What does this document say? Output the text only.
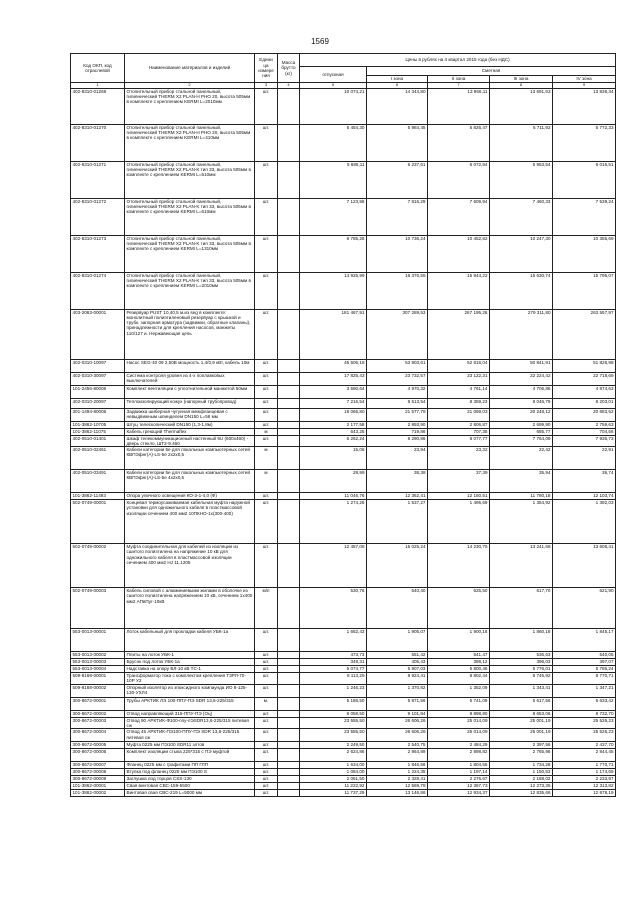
1569
Код ОКП, код отраслевой	Наименование материалов и изделий	Едини ца измере ния	Масса брутто (кг)	Цены в рублях на 4 квартал 2015 года (без НДС)				
				отпускная	Сметная			
					I зона	II зона	III зона	IV зона
1	2	3	4	5	6	7	8	9
402-8310-01269	Отопительный прибор стальной панельный, гигиенический THERM X2 PLAN-H PHO 20, высота 505мм в комплекте с креплением KERMI L=2010мм	шт.		10 074,21	14 344,80	13 966,11	13 691,53	13 836,34
402-8310-01270	Отопительный прибор стальной панельный, гигиенический THERM X2 PLAN-H PHO 20, высота 505мм в комплекте с креплением KERMI L=410мм	шт.		5 454,30	5 984,45	5 826,47	5 711,92	5 772,33
402-8310-01271	Отопительный прибор стальной панельный, гигиенический THERM X2 PLAN-K тип 33, высота 505мм в комплекте с креплением KERMI L=510мм	шт.		5 685,11	6 237,61	6 072,94	5 953,54	6 016,51
402-8310-01272	Отопительный прибор стальной панельный, гигиенический THERM X2 PLAN-K тип 33, высота 505мм в комплекте с креплением KERMI L=610мм	шт.		7 123,96	7 816,29	7 609,94	7 460,33	7 539,24
402-8310-01273	Отопительный прибор стальной панельный, гигиенический THERM X2 PLAN-K тип 33, высота 505мм в комплекте с креплением KERMI L=1310мм	шт.		9 785,28	10 736,24	10 452,82	10 247,30	10 355,69
402-8310-01274	Отопительный прибор стальной панельный, гигиенический THERM X2 PLAN-K тип 33, высота 505мм в комплекте с креплением KERMI L=2010мм	шт.		14 925,99	16 376,55	15 944,22	15 630,74	15 796,07
403-2063-00001	Резервуар PUST 10,40,5 м.из seg в комплекте: монолитный полиэтиленовый резервуар с крышкой и трубк. запорная арматура (задвижки, обратные клапаны), принадлежности для крепления насосов, манжеты 110/127 и. Нержавеющая цепь	шт.		181 467,91	307 289,53	267 195,26	279 311,80	263 557,97
402-0310-10097	Насос SEG-40 09 2,50В мощность 1,4/0,9 кВт, кабель 10м	шт.		45 506,18	53 803,61	52 816,04	50 841,91	51 826,98
402-0310-30097	Система контроля уровня из 4-х поплавковых выключателей	шт.		17 825,43	23 732,57	23 122,31	22 224,42	22 718,69
101-2456-80006	Комплект вентиляции с уплотнительной манжетой 50мм	шт.		3 590,64	4 970,32	4 761,14	4 706,86	4 874,63
402-0310-20097	Теплоизолирующий кожух (напорный трубопровод)	шт.		7 216,54	8 513,54	8 359,23	8 046,79	8 203,01
301-1494-80006	Задвижка шиберная чугунная межфланцевая с невыдвижным шпинделем DN150 L=56 мм	шт.		18 065,80	21 577,78	21 069,03	20 248,12	20 683,52
101-3862-10705	Штуц телескопический DN150 (1,3-1,8м)	шт.		2 177,58	2 893,90	2 806,87	2 699,90	2 759,63
101-3862-11075	Кабель греющий Thermaflex	м		643,25	719,86	707,35	685,77	704,56
402-0510-01401	Шкаф телекоммуникационный настенный 9U (600x460) - дверь стекло, ШТ2-9.460	шт.		6 262,24	8 290,86	8 077,77	7 764,09	7 936,73
402-0510-02461	Кабели категории 5e для локальных компьютерных сетей КВПЭфнг(А)-LS-5e 2х2х0,5	м		15,06	23,94	23,32	22,42	22,91
402-0510-03491	Кабели категории 5e для локальных компьютерных сетей КВПЭфнг(А)-LS-5e 4х2х0,5	м		28,99	38,38	37,39	35,94	36,74
101-3862-11493	Опора уличного освещения КО-3-1-4,0 (Ф)	шт.		11 046,76	12 362,41	12 150,51	11 780,18	12 103,74
502-0749-00001	Концевая термоусаживаемая кабельная муфта наружной установки для одножильного кабеля в пластмассовой изоляции сечением 400 мм2 10ПКНО-1х(300-400)	шт.		1 274,26	1 537,27	1 495,69	1 354,92	1 392,03
502-0749-00002	Муфта соединительная для кабелей из изоляции из сшитого полиэтилена на напряжение 10 кВ для одножильного кабеля в пластмассовой изоляции сечением 400 мм2 НJ 11.1205	шт.		12 457,08	15 025,24	14 230,75	13 241,68	13 605,41
502-0749-00003	Кабель силовой с алюминиевыми жилами в оболочке из сшитого полиэтилена напряжением 10 кВ, сечением 1х400 мм2 АПвПуг-10кВ	м/п		530,76	640,40	625,50	617,70	621,90
553-0013-00001	Лоток кабельный для прокладки кабеля УБК-1а	шт.		1 662,43	1 905,07	1 900,16	1 860,18	1 845,17
553-0013-00002	Плиты на лоток УБК-1	шт.		473,73	551,42	541,47	536,63	540,05
553-0013-00003	Брусок под лоток УБК-1а	шт.		348,31	405,43	398,12	396,03	397,07
553-0013-00004	Надставка на опору ВЛ-10 кВ ТС-1	шт.		5 074,77	5 907,03	5 800,46	5 776,01	5 786,24
509-8168-00001	Трансформатор тока с комплектом крепления ТЗРЛ-70-10Р У2	шт.		8 113,29	8 924,41	8 802,44	8 745,92	8 770,71
509-8168-00002	Опорный изолятор из эпоксидного компаунда ИО 8-125-130-УХЛ4	шт.		1 246,23	1 370,82	1 352,09	1 343,41	1 347,21
300-8672-00001	Трубы АРКТИК ЛЭ 100-ППУ-ПЭ SDR 13,6-225/315	м.		5 186,50	5 871,56	5 741,09	5 617,56	5 633,42
300-8672-00002	Отвод направляющий 315-ППУ-ПЭ (Оц)	шт.		8 058,50	9 101,84	8 898,80	8 653,06	8 732,70
300-8672-00003	Отвод 90 АРКТИК-Ф100-ппу-пЭSDR13,6-225/315 питевая сж	шт.		23 555,50	26 606,26	25 014,09	25 001,19	25 526,23
300-8672-00004	Отвод 45 АРКТИК-ПЭ100-ППУ-ПЭ SDR 13,6-225/315 питевая сж	шт.		23 555,50	26 606,26	25 014,09	25 001,19	25 526,23
300-8672-00005	Муфта 0225 мм ПЭ100 SDR11 злтов	шт.		2 249,50	2 540,75	2 484,29	2 397,56	2 437,70
300-8672-00006	Комплект изоляции стыка 225*315 с ПЭ муфтой	шт.		2 624,86	2 964,89	2 898,82	2 765,96	2 844,45
300-8672-00007	Фланец 0225 мм с графитами ПП ГЛП	шт.		1 634,00	1 846,56	1 804,55	1 734,28	1 770,71
300-8672-00008	Втулка под фланец 0225 мм ПЭ100 S	шт.		1 084,00	1 224,35	1 197,14	1 150,53	1 174,69
300-8672-00009	Заглушка под торцов CSS-130	шт.		2 061,50	2 328,41	2 276,67	2 188,02	2 233,97
101-3862-00001	Свая винтовая СВС-159-5500	шт.		11 222,92	12 569,78	12 367,73	12 273,35	12 313,82
101-3862-00002	Винтовая свая СВС-219 L=5000 мм	шт.		11 737,29	13 146,86	12 934,37	12 835,66	12 878,19
